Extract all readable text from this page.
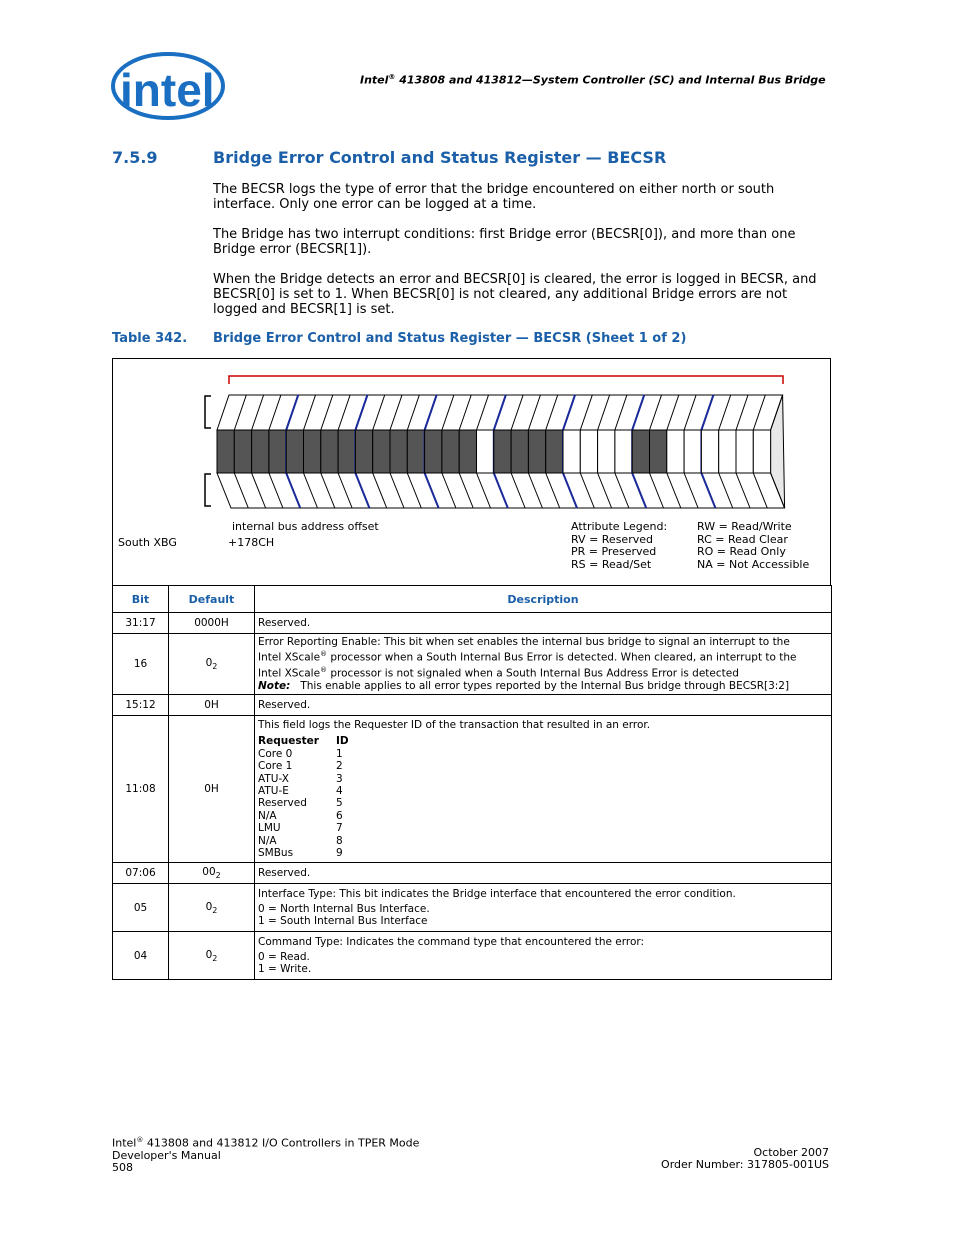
intel	Intel® 413808 and 413812—System Controller (SC) and Internal Bus Bridge
7.5.9	Bridge Error Control and Status Register — BECSR
The BECSR logs the type of error that the bridge encountered on either north or south interface. Only one error can be logged at a time.
The Bridge has two interrupt conditions: first Bridge error (BECSR[0]), and more than one Bridge error (BECSR[1]).
When the Bridge detects an error and BECSR[0] is cleared, the error is logged in BECSR, and BECSR[0] is set to 1. When BECSR[0] is not cleared, any additional Bridge errors are not logged and BECSR[1] is set.
Table 342. Bridge Error Control and Status Register — BECSR (Sheet 1 of 2)
internal bus address offset
South XBG	+178CH
Attribute Legend:
RV = Reserved
PR = Preserved
RS = Read/Set
RW = Read/Write
RC = Read Clear
RO = Read Only
NA = Not Accessible
Bit	Default	Description
31:17	0000H	Reserved.
16	$0_2$	
Error Reporting Enable: This bit when set enables the internal bus bridge to signal an interrupt to the
Intel XScale® processor when a South Internal Bus Error is detected. When cleared, an interrupt to the
Intel XScale® processor is not signaled when a South Internal Bus Address Error is detected
Note: This enable applies to all error types reported by the Internal Bus bridge through BECSR[3:2]

15:12	0H	Reserved.
11:08	0H	
This field logs the Requester ID of the transaction that resulted in an error.
Requester	ID
Core 0	1
Core 1	2
ATU-X	3
ATU-E	4
Reserved	5
N/A	6
LMU	7
N/A	8
SMBus	9

07:06	$00_2$	Reserved.
05	$0_2$	
Interface Type: This bit indicates the Bridge interface that encountered the error condition.
0 = North Internal Bus Interface.
1 = South Internal Bus Interface

04	$0_2$	
Command Type: Indicates the command type that encountered the error:
0 = Read.
1 = Write.
Intel® 413808 and 413812 I/O Controllers in TPER Mode
Developer's Manual
508
October 2007
Order Number: 317805-001US
